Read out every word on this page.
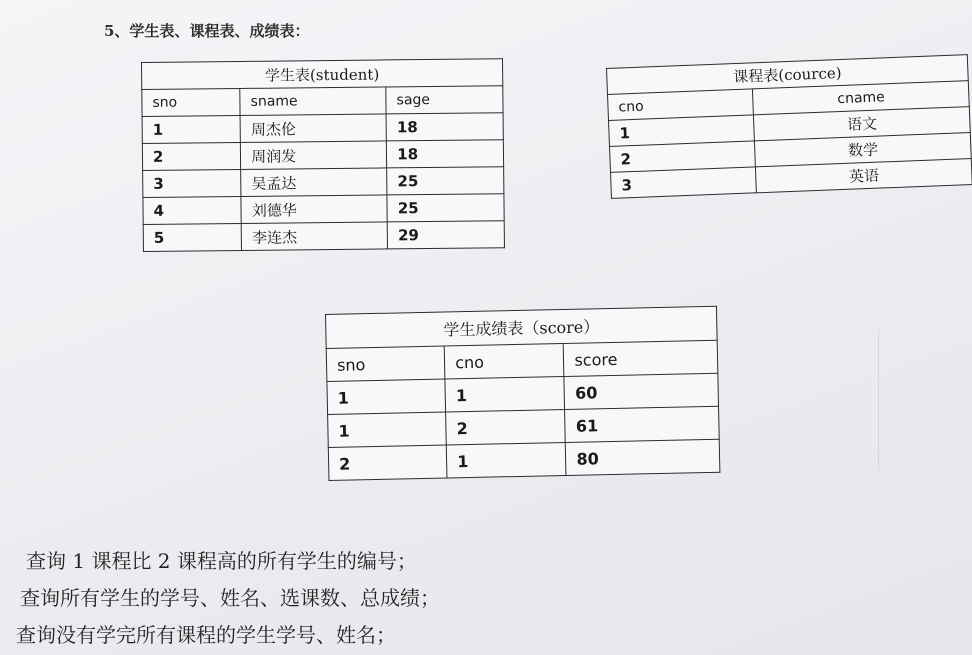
5、学生表、课程表、成绩表：
学生表(student)		
sno	sname	sage
1	周杰伦	18
2	周润发	18
3	吴孟达	25
4	刘德华	25
5	李连杰	29
课程表(cource)	
cno	cname
1	语文
2	数学
3	英语
学生成绩表（score）		
sno	cno	score
1	1	60
1	2	61
2	1	80
查询 1 课程比 2 课程高的所有学生的编号；
查询所有学生的学号、姓名、选课数、总成绩；
查询没有学完所有课程的学生学号、姓名；
